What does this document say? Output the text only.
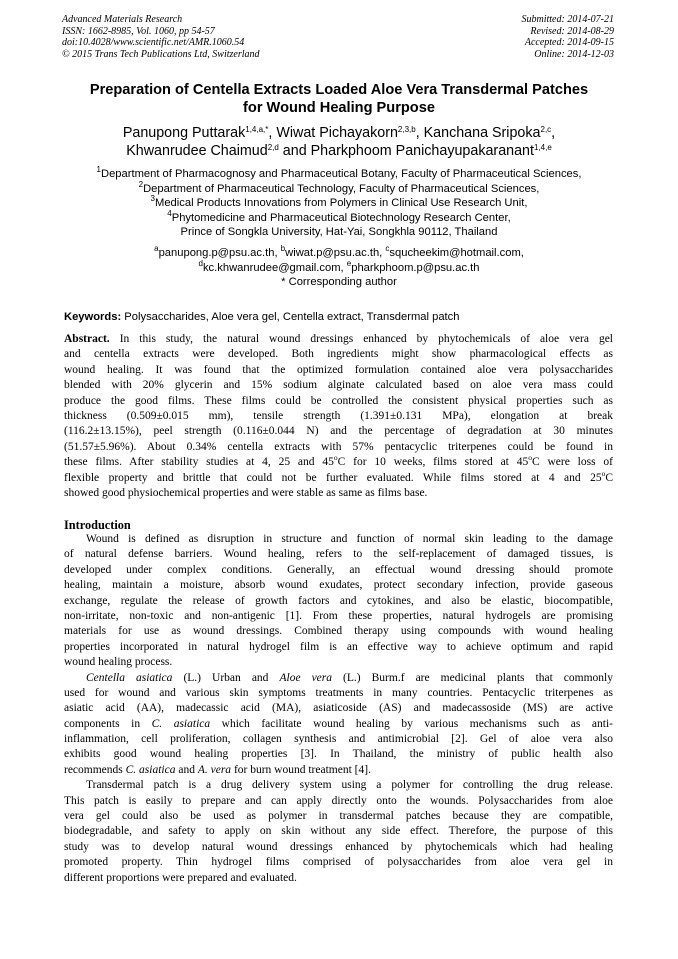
Advanced Materials Research
ISSN: 1662-8985, Vol. 1060, pp 54-57
doi:10.4028/www.scientific.net/AMR.1060.54
© 2015 Trans Tech Publications Ltd, Switzerland
Submitted: 2014-07-21
Revised: 2014-08-29
Accepted: 2014-09-15
Online: 2014-12-03
Preparation of Centella Extracts Loaded Aloe Vera Transdermal Patches
for Wound Healing Purpose
Panupong Puttarak$^{1,4,a,*}$, Wiwat Pichayakorn$^{2,3,b}$, Kanchana Sripoka$^{2,c}$,
Khwanrudee Chaimud$^{2,d}$ and Pharkphoom Panichayupakaranant$^{1,4,e}$
$^1$Department of Pharmacognosy and Pharmaceutical Botany, Faculty of Pharmaceutical Sciences,
$^2$Department of Pharmaceutical Technology, Faculty of Pharmaceutical Sciences,
$^3$Medical Products Innovations from Polymers in Clinical Use Research Unit,
$^4$Phytomedicine and Pharmaceutical Biotechnology Research Center,
Prince of Songkla University, Hat-Yai, Songkhla 90112, Thailand
$^a$panupong.p@psu.ac.th, $^b$wiwat.p@psu.ac.th, $^c$squcheekim@hotmail.com,
$^d$kc.khwanrudee@gmail.com, $^e$pharkphoom.p@psu.ac.th
* Corresponding author
Keywords: Polysaccharides, Aloe vera gel, Centella extract, Transdermal patch
Abstract. In this study, the natural wound dressings enhanced by phytochemicals of aloe vera gel
and centella extracts were developed. Both ingredients might show pharmacological effects as
wound healing. It was found that the optimized formulation contained aloe vera polysaccharides
blended with 20% glycerin and 15% sodium alginate calculated based on aloe vera mass could
produce the good films. These films could be controlled the consistent physical properties such as
thickness (0.509±0.015 mm), tensile strength (1.391±0.131 MPa), elongation at break
(116.2±13.15%), peel strength (0.116±0.044 N) and the percentage of degradation at 30 minutes
(51.57±5.96%). About 0.34% centella extracts with 57% pentacyclic triterpenes could be found in
these films. After stability studies at 4, 25 and 45$^o$C for 10 weeks, films stored at 45$^o$C were loss of
flexible property and brittle that could not be further evaluated. While films stored at 4 and 25$^o$C
showed good physiochemical properties and were stable as same as films base.
Introduction
Wound is defined as disruption in structure and function of normal skin leading to the damage
of natural defense barriers. Wound healing, refers to the self-replacement of damaged tissues, is
developed under complex conditions. Generally, an effectual wound dressing should promote
healing, maintain a moisture, absorb wound exudates, protect secondary infection, provide gaseous
exchange, regulate the release of growth factors and cytokines, and also be elastic, biocompatible,
non-irritate, non-toxic and non-antigenic [1]. From these properties, natural hydrogels are promising
materials for use as wound dressings. Combined therapy using compounds with wound healing
properties incorporated in natural hydrogel film is an effective way to achieve optimum and rapid
wound healing process.
Centella asiatica (L.) Urban and Aloe vera (L.) Burm.f are medicinal plants that commonly
used for wound and various skin symptoms treatments in many countries. Pentacyclic triterpenes as
asiatic acid (AA), madecassic acid (MA), asiaticoside (AS) and madecassoside (MS) are active
components in C. asiatica which facilitate wound healing by various mechanisms such as anti-
inflammation, cell proliferation, collagen synthesis and antimicrobial [2]. Gel of aloe vera also
exhibits good wound healing properties [3]. In Thailand, the ministry of public health also
recommends C. asiatica and A. vera for burn wound treatment [4].
Transdermal patch is a drug delivery system using a polymer for controlling the drug release.
This patch is easily to prepare and can apply directly onto the wounds. Polysaccharides from aloe
vera gel could also be used as polymer in transdermal patches because they are compatible,
biodegradable, and safety to apply on skin without any side effect. Therefore, the purpose of this
study was to develop natural wound dressings enhanced by phytochemicals which had healing
promoted property. Thin hydrogel films comprised of polysaccharides from aloe vera gel in
different proportions were prepared and evaluated.
